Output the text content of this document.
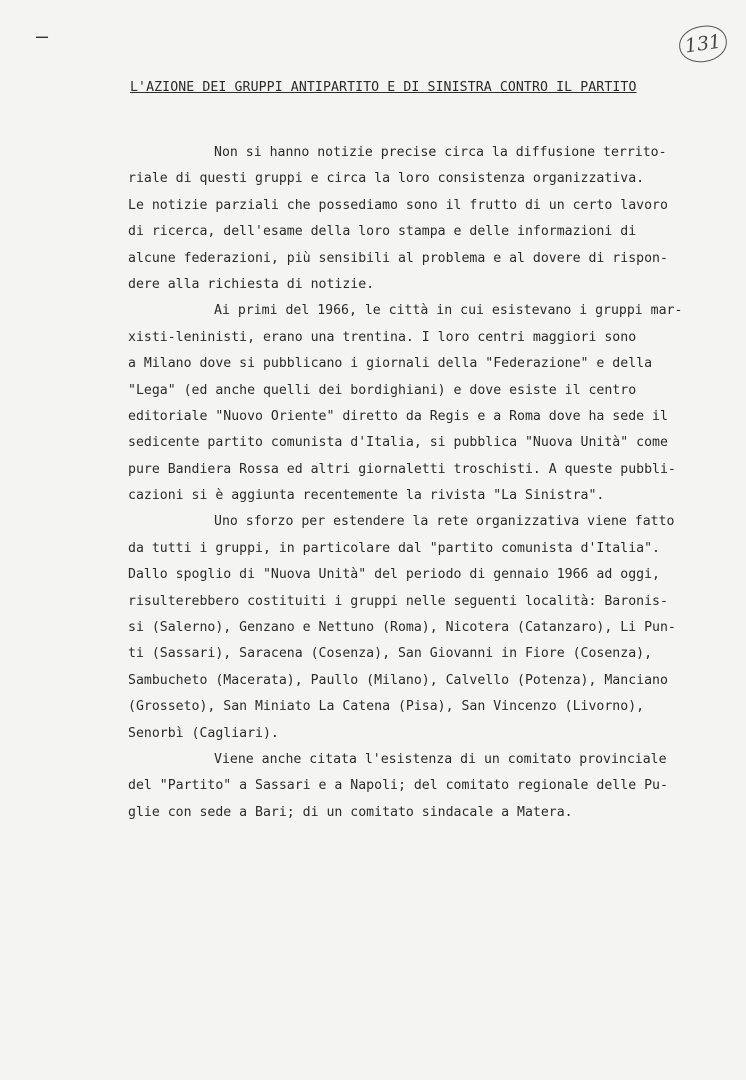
—	131
L'AZIONE DEI GRUPPI ANTIPARTITO E DI SINISTRA CONTRO IL PARTITO
Non si hanno notizie precise circa la diffusione territo-
riale di questi gruppi e circa la loro consistenza organizzativa.
Le notizie parziali che possediamo sono il frutto di un certo lavoro
di ricerca, dell'esame della loro stampa e delle informazioni di
alcune federazioni, più sensibili al problema e al dovere di rispon-
dere alla richiesta di notizie.
Ai primi del 1966, le città in cui esistevano i gruppi mar-
xisti-leninisti, erano una trentina. I loro centri maggiori sono
a Milano dove si pubblicano i giornali della "Federazione" e della
"Lega" (ed anche quelli dei bordighiani) e dove esiste il centro
editoriale "Nuovo Oriente" diretto da Regis e a Roma dove ha sede il
sedicente partito comunista d'Italia, si pubblica "Nuova Unità" come
pure Bandiera Rossa ed altri giornaletti troschisti. A queste pubbli-
cazioni si è aggiunta recentemente la rivista "La Sinistra".
Uno sforzo per estendere la rete organizzativa viene fatto
da tutti i gruppi, in particolare dal "partito comunista d'Italia".
Dallo spoglio di "Nuova Unità" del periodo di gennaio 1966 ad oggi,
risulterebbero costituiti i gruppi nelle seguenti località: Baronis-
si (Salerno), Genzano e Nettuno (Roma), Nicotera (Catanzaro), Li Pun-
ti (Sassari), Saracena (Cosenza), San Giovanni in Fiore (Cosenza),
Sambucheto (Macerata), Paullo (Milano), Calvello (Potenza), Manciano
(Grosseto), San Miniato La Catena (Pisa), San Vincenzo (Livorno),
Senorbì (Cagliari).
Viene anche citata l'esistenza di un comitato provinciale
del "Partito" a Sassari e a Napoli; del comitato regionale delle Pu-
glie con sede a Bari; di un comitato sindacale a Matera.
